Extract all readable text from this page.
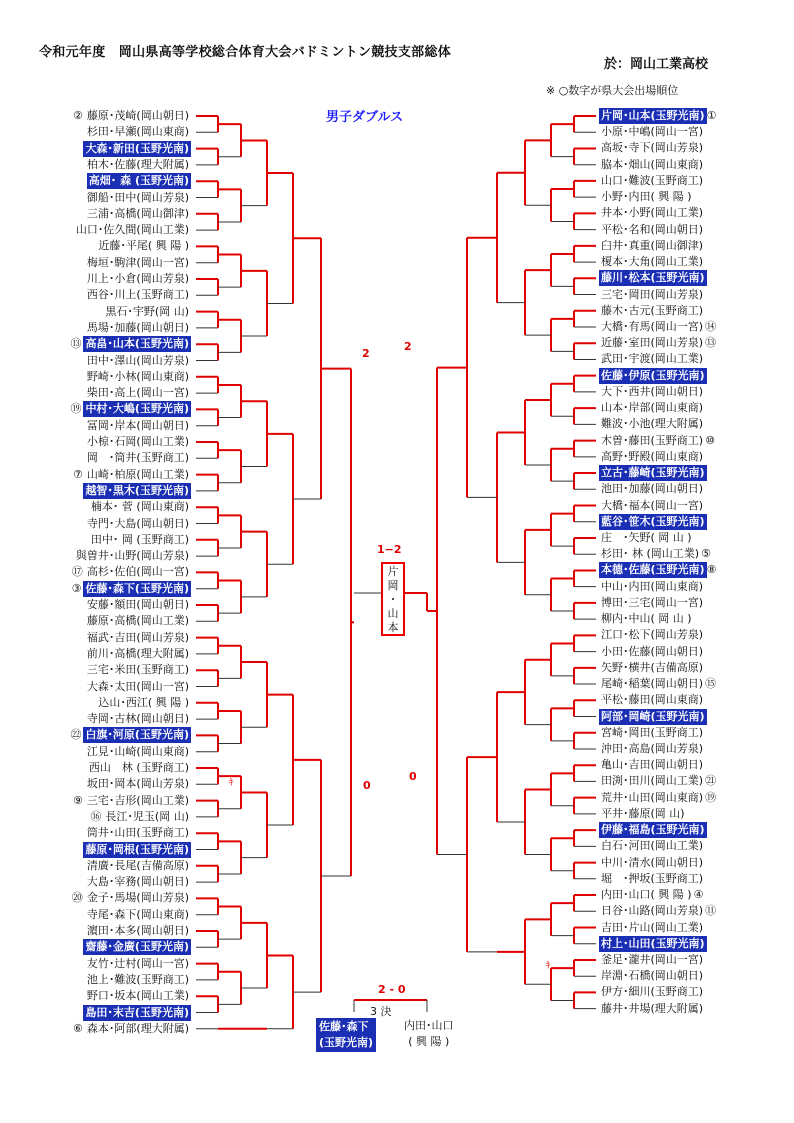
令和元年度　岡山県高等学校総合体育大会バドミントン競技支部総体
於：岡山工業高校
※ ○数字が県大会出場順位
男子ダブルス
② 藤原･茂崎(岡山朝日)
杉田･早瀬(岡山東商)
大森･新田(玉野光南)
柏木･佐藤(理大附属)
高畑･ 森 (玉野光南)
御船･田中(岡山芳泉)
三浦･高橋(岡山御津)
山口･佐久間(岡山工業)
近藤･平尾( 興 陽 )
梅垣･駒津(岡山一宮)
川上･小倉(岡山芳泉)
西谷･川上(玉野商工)
黒石･宇野(岡 山)
馬場･加藤(岡山朝日)
⑬ 高畠･山本(玉野光南)
田中･澤山(岡山芳泉)
野崎･小林(岡山東商)
柴田･高上(岡山一宮)
⑲ 中村･大嶋(玉野光南)
冨岡･岸本(岡山朝日)
小椋･石岡(岡山工業)
岡　･筒井(玉野商工)
⑦ 山崎･柏原(岡山工業)
越智･黒木(玉野光南)
楠本･ 菅 (岡山東商)
寺門･大島(岡山朝日)
田中･ 岡 (玉野商工)
與曽井･山野(岡山芳泉)
⑰ 高杉･佐伯(岡山一宮)
③ 佐藤･森下(玉野光南)
安藤･額田(岡山朝日)
藤原･高橋(岡山工業)
福武･吉田(岡山芳泉)
前川･高橋(理大附属)
三宅･米田(玉野商工)
大森･太田(岡山一宮)
込山･西江( 興 陽 )
寺岡･古林(岡山朝日)
㉒ 白旗･河原(玉野光南)
江見･山崎(岡山東商)
西山　林 (玉野商工)
坂田･岡本(岡山芳泉)
⑨ 三宅･吉形(岡山工業)
⑯ 長江･児玉(岡 山)
筒井･山田(玉野商工)
藤原･岡根(玉野光南)
清廣･長尾(吉備高原)
大島･宰務(岡山朝日)
⑳ 金子･馬場(岡山芳泉)
寺尾･森下(岡山東商)
濵田･本多(岡山朝日)
齋藤･金廣(玉野光南)
友竹･辻村(岡山一宮)
池上･難波(玉野商工)
野口･坂本(岡山工業)
島田･末吉(玉野光南)
⑥ 森本･阿部(理大附属)
片岡･山本(玉野光南) ①
小原･中嶋(岡山一宮)
高坂･寺下(岡山芳泉)
脇本･畑山(岡山東商)
山口･難波(玉野商工)
小野･内田( 興 陽 )
井本･小野(岡山工業)
平松･名和(岡山朝日)
臼井･真重(岡山御津)
榎本･大角(岡山工業)
藤川･松本(玉野光南)
三宅･岡田(岡山芳泉)
藤木･古元(玉野商工)
大橋･有馬(岡山一宮) ⑭
近藤･室田(岡山芳泉) ⑬
武田･宇渡(岡山工業)
佐藤･伊原(玉野光南)
大下･西井(岡山朝日)
山本･岸部(岡山東商)
難波･小池(理大附属)
木曽･藤田(玉野商工) ⑩
高野･野殿(岡山東商)
立古･藤崎(玉野光南)
池田･加藤(岡山朝日)
大橋･福本(岡山一宮)
藍谷･笹木(玉野光南)
庄　･矢野( 岡 山 )
杉田･ 林 (岡山工業) ⑤
本德･佐藤(玉野光南) ⑧
中山･内田(岡山東商)
博田･三宅(岡山一宮)
柳内･中山( 岡 山 )
江口･松下(岡山芳泉)
小田･佐藤(岡山朝日)
矢野･横井(吉備高原)
尾崎･稲葉(岡山朝日) ⑮
平松･藤田(岡山東商)
阿部･岡崎(玉野光南)
宮崎･岡田(玉野商工)
沖田･高島(岡山芳泉)
亀山･吉田(岡山朝日)
田渕･田川(岡山工業) ㉑
荒井･山田(岡山東商) ⑲
平井･藤原(岡 山)
伊藤･福島(玉野光南)
白石･河田(岡山工業)
中川･清水(岡山朝日)
堀　･押坂(玉野商工)
内田･山口( 興 陽 ) ④
日谷･山路(岡山芳泉) ⑪
吉田･片山(岡山工業)
村上･山田(玉野光南)
釜足･瀧井(岡山一宮)
岸淵･石橋(岡山朝日)
伊方･細川(玉野商工)
藤井･井場(理大附属)
2
2
1−2
0
0
2 - 0
ｷ
ｷ
片
岡
･
山
本
3 決
佐藤･森下
(玉野光南)
内田･山口
( 興 陽 )
